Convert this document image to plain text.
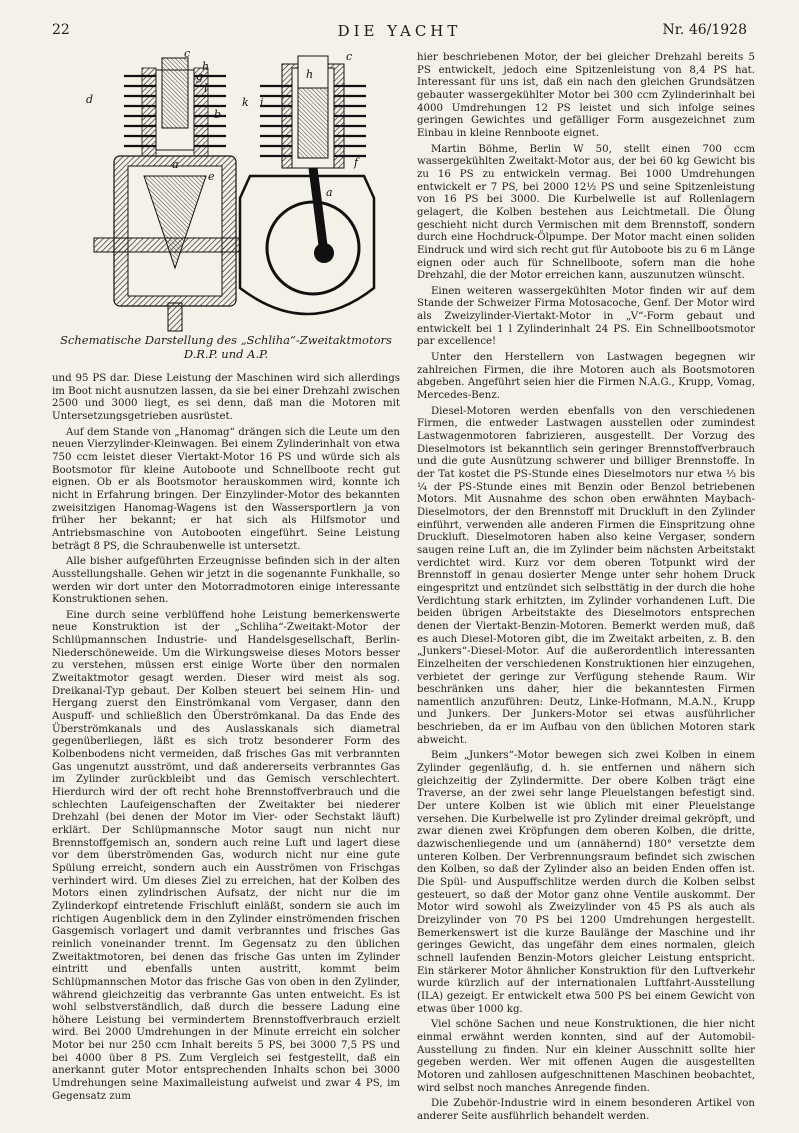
22	DIE YACHT	Nr. 46/1928
c
h
g
l
d
b
a
e
k
c
h
i
f
a
Schematische Darstellung des „Schliha“-Zweitaktmotors
D.R.P. und A.P.

und 95 PS dar. Diese Leistung der Maschinen wird sich allerdings im Boot nicht ausnutzen lassen, da sie bei einer Drehzahl zwischen 2500 und 3000 liegt, es sei denn, daß man die Motoren mit Untersetzungsgetrieben ausrüstet.

Auf dem Stande von „Hanomag“ drängen sich die Leute um den neuen Vierzylinder-Kleinwagen. Bei einem Zylinderinhalt von etwa 750 ccm leistet dieser Viertakt-Motor 16 PS und würde sich als Bootsmotor für kleine Autoboote und Schnellboote recht gut eignen. Ob er als Bootsmotor herauskommen wird, konnte ich nicht in Erfahrung bringen. Der Einzylinder-Motor des bekannten zweisitzigen Hanomag-Wagens ist den Wassersportlern ja von früher her bekannt; er hat sich als Hilfsmotor und Antriebsmaschine von Autobooten eingeführt. Seine Leistung beträgt 8 PS, die Schraubenwelle ist untersetzt.

Alle bisher aufgeführten Erzeugnisse befinden sich in der alten Ausstellungshalle. Gehen wir jetzt in die sogenannte Funkhalle, so werden wir dort unter den Motorradmotoren einige interessante Konstruktionen sehen.

Eine durch seine verblüffend hohe Leistung bemerkenswerte neue Konstruktion ist der „Schliha“-Zweitakt-Motor der Schlüpmannschen Industrie- und Handelsgesellschaft, Berlin-Niederschöneweide. Um die Wirkungsweise dieses Motors besser zu verstehen, müssen erst einige Worte über den normalen Zweitaktmotor gesagt werden. Dieser wird meist als sog. Dreikanal-Typ gebaut. Der Kolben steuert bei seinem Hin- und Hergang zuerst den Einströmkanal vom Vergaser, dann den Auspuff- und schließlich den Überströmkanal. Da das Ende des Überströmkanals und des Auslasskanals sich diametral gegenüberliegen, läßt es sich trotz besonderer Form des Kolbenbodens nicht vermeiden, daß frisches Gas mit verbrannten Gas ungenutzt ausströmt, und daß andererseits verbranntes Gas im Zylinder zurückbleibt und das Gemisch verschlechtert. Hierdurch wird der oft recht hohe Brennstoffverbrauch und die schlechten Laufeigenschaften der Zweitakter bei niederer Drehzahl (bei denen der Motor im Vier- oder Sechstakt läuft) erklärt. Der Schlüpmannsche Motor saugt nun nicht nur Brennstoffgemisch an, sondern auch reine Luft und lagert diese vor dem überströmenden Gas, wodurch nicht nur eine gute Spülung erreicht, sondern auch ein Ausströmen von Frischgas verhindert wird. Um dieses Ziel zu erreichen, hat der Kolben des Motors einen zylindrischen Aufsatz, der nicht nur die im Zylinderkopf eintretende Frischluft einläßt, sondern sie auch im richtigen Augenblick dem in den Zylinder einströmenden frischen Gasgemisch vorlagert und damit verbranntes und frisches Gas reinlich voneinander trennt. Im Gegensatz zu den üblichen Zweitaktmotoren, bei denen das frische Gas unten im Zylinder eintritt und ebenfalls unten austritt, kommt beim Schlüpmannschen Motor das frische Gas von oben in den Zylinder, während gleichzeitig das verbrannte Gas unten entweicht. Es ist wohl selbstverständlich, daß durch die bessere Ladung eine höhere Leistung bei vermindertem Brennstoffverbrauch erzielt wird. Bei 2000 Umdrehungen in der Minute erreicht ein solcher Motor bei nur 250 ccm Inhalt bereits 5 PS, bei 3000 7,5 PS und bei 4000 über 8 PS. Zum Vergleich sei festgestellt, daß ein anerkannt guter Motor entsprechenden Inhalts schon bei 3000 Umdrehungen seine Maximalleistung aufweist und zwar 4 PS, im Gegensatz zum

hier beschriebenen Motor, der bei gleicher Drehzahl bereits 5 PS entwickelt, jedoch eine Spitzenleistung von 8,4 PS hat. Interessant für uns ist, daß ein nach den gleichen Grundsätzen gebauter wassergekühlter Motor bei 300 ccm Zylinderinhalt bei 4000 Umdrehungen 12 PS leistet und sich infolge seines geringen Gewichtes und gefälliger Form ausgezeichnet zum Einbau in kleine Rennboote eignet.

Martin Böhme, Berlin W 50, stellt einen 700 ccm wassergekühlten Zweitakt-Motor aus, der bei 60 kg Gewicht bis zu 16 PS zu entwickeln vermag. Bei 1000 Umdrehungen entwickelt er 7 PS, bei 2000 12½ PS und seine Spitzenleistung von 16 PS bei 3000. Die Kurbelwelle ist auf Rollenlagern gelagert, die Kolben bestehen aus Leichtmetall. Die Ölung geschieht nicht durch Vermischen mit dem Brennstoff, sondern durch eine Hochdruck-Ölpumpe. Der Motor macht einen soliden Eindruck und wird sich recht gut für Autoboote bis zu 6 m Länge eignen oder auch für Schnellboote, sofern man die hohe Drehzahl, die der Motor erreichen kann, auszunutzen wünscht.

Einen weiteren wassergekühlten Motor finden wir auf dem Stande der Schweizer Firma Motosacoche, Genf. Der Motor wird als Zweizylinder-Viertakt-Motor in „V“-Form gebaut und entwickelt bei 1 l Zylinderinhalt 24 PS. Ein Schnellbootsmotor par excellence!

Unter den Herstellern von Lastwagen begegnen wir zahlreichen Firmen, die ihre Motoren auch als Bootsmotoren abgeben. Angeführt seien hier die Firmen N.A.G., Krupp, Vomag, Mercedes-Benz.

Diesel-Motoren werden ebenfalls von den verschiedenen Firmen, die entweder Lastwagen ausstellen oder zumindest Lastwagenmotoren fabrizieren, ausgestellt. Der Vorzug des Dieselmotors ist bekanntlich sein geringer Brennstoffverbrauch und die gute Ausnützung schwerer und billiger Brennstoffe. In der Tat kostet die PS-Stunde eines Dieselmotors nur etwa ⅓ bis ¼ der PS-Stunde eines mit Benzin oder Benzol betriebenen Motors. Mit Ausnahme des schon oben erwähnten Maybach-Dieselmotors, der den Brennstoff mit Druckluft in den Zylinder einführt, verwenden alle anderen Firmen die Einspritzung ohne Druckluft. Dieselmotoren haben also keine Vergaser, sondern saugen reine Luft an, die im Zylinder beim nächsten Arbeitstakt verdichtet wird. Kurz vor dem oberen Totpunkt wird der Brennstoff in genau dosierter Menge unter sehr hohem Druck eingespritzt und entzündet sich selbsttätig in der durch die hohe Verdichtung stark erhitzten, im Zylinder vorhandenen Luft. Die beiden übrigen Arbeitstakte des Dieselmotors entsprechen denen der Viertakt-Benzin-Motoren. Bemerkt werden muß, daß es auch Diesel-Motoren gibt, die im Zweitakt arbeiten, z. B. den „Junkers“-Diesel-Motor. Auf die außerordentlich interessanten Einzelheiten der verschiedenen Konstruktionen hier einzugehen, verbietet der geringe zur Verfügung stehende Raum. Wir beschränken uns daher, hier die bekanntesten Firmen namentlich anzuführen: Deutz, Linke-Hofmann, M.A.N., Krupp und Junkers. Der Junkers-Motor sei etwas ausführlicher beschrieben, da er im Aufbau von den üblichen Motoren stark abweicht.

Beim „Junkers“-Motor bewegen sich zwei Kolben in einem Zylinder gegenläufig, d. h. sie entfernen und nähern sich gleichzeitig der Zylindermitte. Der obere Kolben trägt eine Traverse, an der zwei sehr lange Pleuelstangen befestigt sind. Der untere Kolben ist wie üblich mit einer Pleuelstange versehen. Die Kurbelwelle ist pro Zylinder dreimal gekröpft, und zwar dienen zwei Kröpfungen dem oberen Kolben, die dritte, dazwischenliegende und um (annähernd) 180° versetzte dem unteren Kolben. Der Verbrennungsraum befindet sich zwischen den Kolben, so daß der Zylinder also an beiden Enden offen ist. Die Spül- und Auspuffschlitze werden durch die Kolben selbst gesteuert, so daß der Motor ganz ohne Ventile auskommt. Der Motor wird sowohl als Zweizylinder von 45 PS als auch als Dreizylinder von 70 PS bei 1200 Umdrehungen hergestellt. Bemerkenswert ist die kurze Baulänge der Maschine und ihr geringes Gewicht, das ungefähr dem eines normalen, gleich schnell laufenden Benzin-Motors gleicher Leistung entspricht. Ein stärkerer Motor ähnlicher Konstruktion für den Luftverkehr wurde kürzlich auf der internationalen Luftfahrt-Ausstellung (ILA) gezeigt. Er entwickelt etwa 500 PS bei einem Gewicht von etwas über 1000 kg.

Viel schöne Sachen und neue Konstruktionen, die hier nicht einmal erwähnt werden konnten, sind auf der Automobil-Ausstellung zu finden. Nur ein kleiner Ausschnitt sollte hier gegeben werden. Wer mit offenen Augen die ausgestellten Motoren und zahllosen aufgeschnittenen Maschinen beobachtet, wird selbst noch manches Anregende finden.

Die Zubehör-Industrie wird in einem besonderen Artikel von anderer Seite ausführlich behandelt werden.
